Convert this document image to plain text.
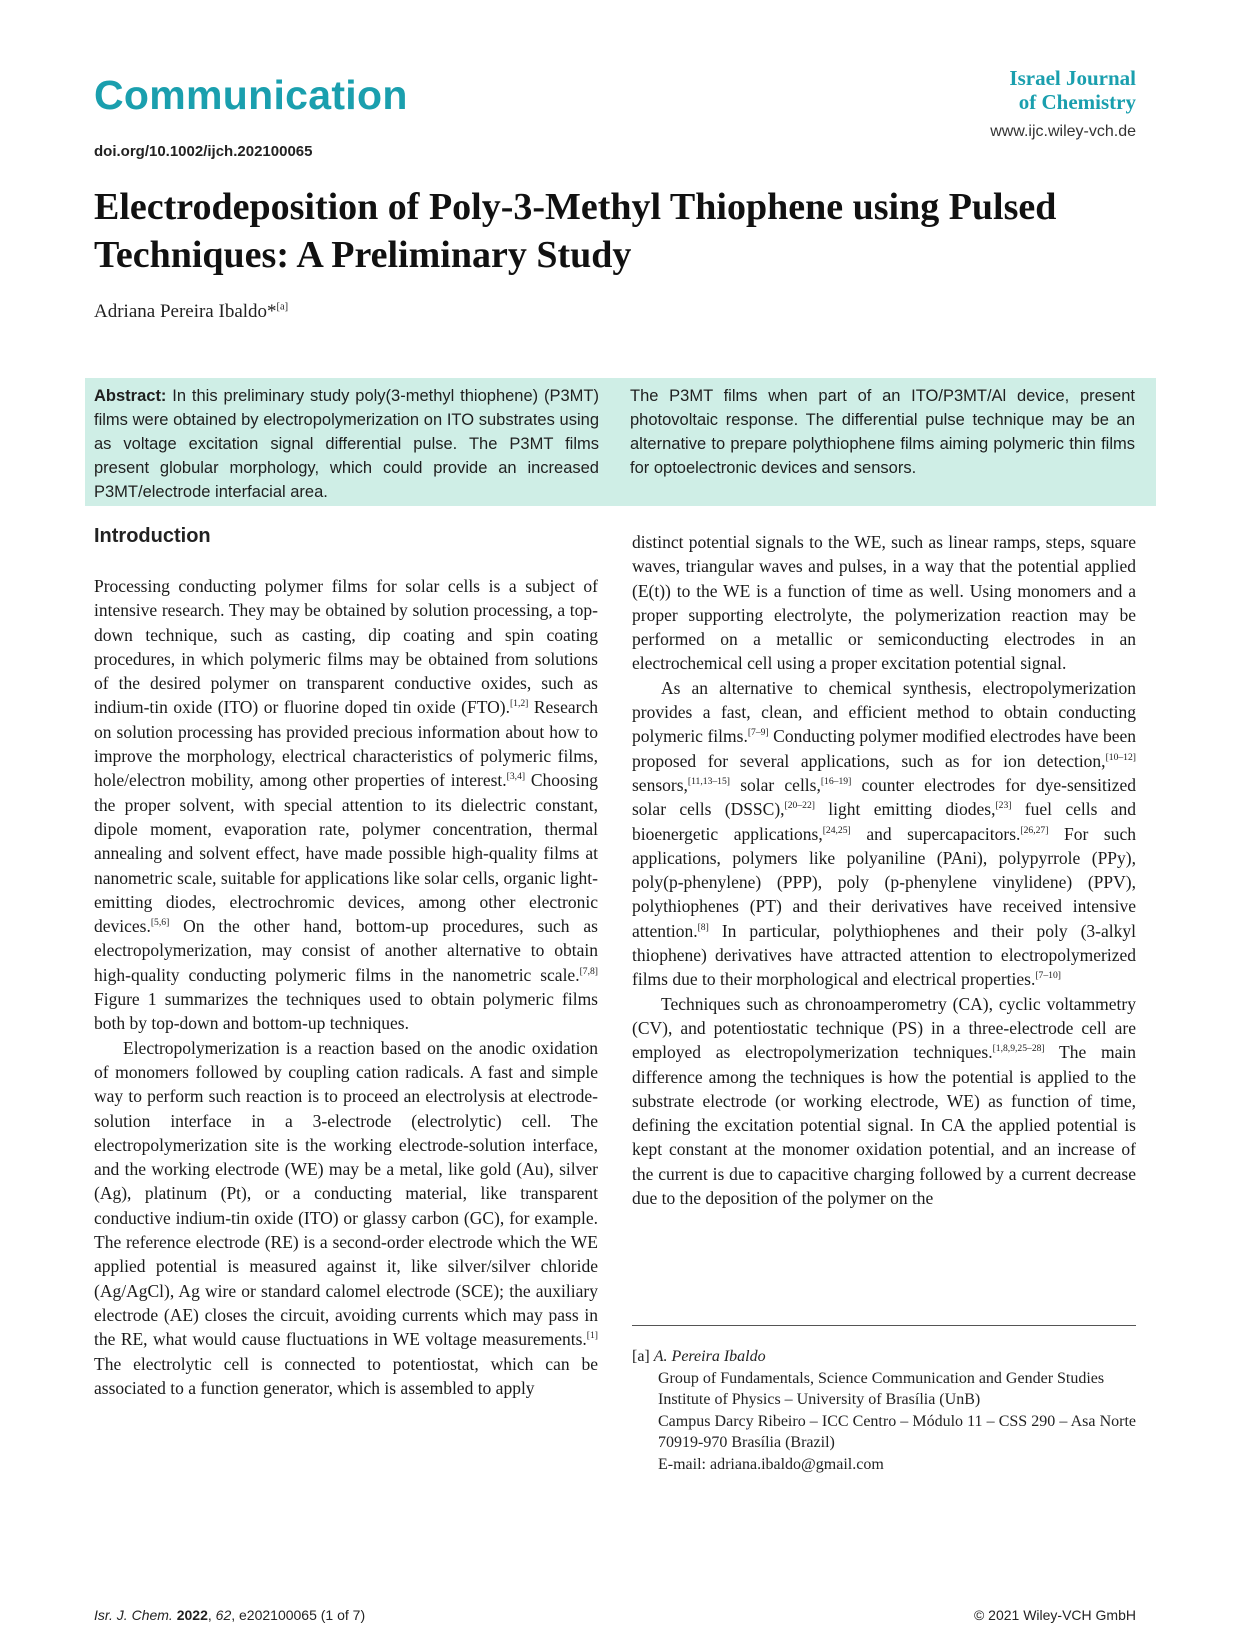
Communication
doi.org/10.1002/ijch.202100065
Israel Journal
of Chemistry
www.ijc.wiley-vch.de
Electrodeposition of Poly-3-Methyl Thiophene using Pulsed Techniques: A Preliminary Study
Adriana Pereira Ibaldo*[a]
Abstract: In this preliminary study poly(3-methyl thiophene) (P3MT) films were obtained by electropolymerization on ITO substrates using as voltage excitation signal differential pulse. The P3MT films present globular morphology, which could provide an increased P3MT/electrode interfacial area.
The P3MT films when part of an ITO/P3MT/Al device, present photovoltaic response. The differential pulse technique may be an alternative to prepare polythiophene films aiming polymeric thin films for optoelectronic devices and sensors.
Introduction

Processing conducting polymer films for solar cells is a subject of intensive research. They may be obtained by solution processing, a top-down technique, such as casting, dip coating and spin coating procedures, in which polymeric films may be obtained from solutions of the desired polymer on transparent conductive oxides, such as indium-tin oxide (ITO) or fluorine doped tin oxide (FTO).[1,2] Research on solution processing has provided precious information about how to improve the morphology, electrical characteristics of polymeric films, hole/electron mobility, among other properties of interest.[3,4] Choosing the proper solvent, with special attention to its dielectric constant, dipole moment, evaporation rate, polymer concentration, thermal annealing and solvent effect, have made possible high-quality films at nanometric scale, suitable for applications like solar cells, organic light-emitting diodes, electrochromic devices, among other electronic devices.[5,6] On the other hand, bottom-up procedures, such as electropolymerization, may consist of another alternative to obtain high-quality conducting polymeric films in the nanometric scale.[7,8] Figure 1 summarizes the techniques used to obtain polymeric films both by top-down and bottom-up techniques.

Electropolymerization is a reaction based on the anodic oxidation of monomers followed by coupling cation radicals. A fast and simple way to perform such reaction is to proceed an electrolysis at electrode-solution interface in a 3-electrode (electrolytic) cell. The electropolymerization site is the working electrode-solution interface, and the working electrode (WE) may be a metal, like gold (Au), silver (Ag), platinum (Pt), or a conducting material, like transparent conductive indium-tin oxide (ITO) or glassy carbon (GC), for example. The reference electrode (RE) is a second-order electrode which the WE applied potential is measured against it, like silver/silver chloride (Ag/AgCl), Ag wire or standard calomel electrode (SCE); the auxiliary electrode (AE) closes the circuit, avoiding currents which may pass in the RE, what would cause fluctuations in WE voltage measurements.[1] The electrolytic cell is connected to potentiostat, which can be associated to a function generator, which is assembled to apply

distinct potential signals to the WE, such as linear ramps, steps, square waves, triangular waves and pulses, in a way that the potential applied (E(t)) to the WE is a function of time as well. Using monomers and a proper supporting electrolyte, the polymerization reaction may be performed on a metallic or semiconducting electrodes in an electrochemical cell using a proper excitation potential signal.

As an alternative to chemical synthesis, electropolymerization provides a fast, clean, and efficient method to obtain conducting polymeric films.[7–9] Conducting polymer modified electrodes have been proposed for several applications, such as for ion detection,[10–12] sensors,[11,13–15] solar cells,[16–19] counter electrodes for dye-sensitized solar cells (DSSC),[20–22] light emitting diodes,[23] fuel cells and bioenergetic applications,[24,25] and supercapacitors.[26,27] For such applications, polymers like polyaniline (PAni), polypyrrole (PPy), poly(p-phenylene) (PPP), poly (p-phenylene vinylidene) (PPV), polythiophenes (PT) and their derivatives have received intensive attention.[8] In particular, polythiophenes and their poly (3-alkyl thiophene) derivatives have attracted attention to electropolymerized films due to their morphological and electrical properties.[7–10]

Techniques such as chronoamperometry (CA), cyclic voltammetry (CV), and potentiostatic technique (PS) in a three-electrode cell are employed as electropolymerization techniques.[1,8,9,25–28] The main difference among the techniques is how the potential is applied to the substrate electrode (or working electrode, WE) as function of time, defining the excitation potential signal. In CA the applied potential is kept constant at the monomer oxidation potential, and an increase of the current is due to capacitive charging followed by a current decrease due to the deposition of the polymer on the

[a] A. Pereira Ibaldo
Group of Fundamentals, Science Communication and Gender Studies
Institute of Physics – University of Brasília (UnB)
Campus Darcy Ribeiro – ICC Centro – Módulo 11 – CSS 290 – Asa Norte 70919-970 Brasília (Brazil)
E-mail: adriana.ibaldo@gmail.com
Isr. J. Chem. 2022, 62, e202100065 (1 of 7)	© 2021 Wiley-VCH GmbH
